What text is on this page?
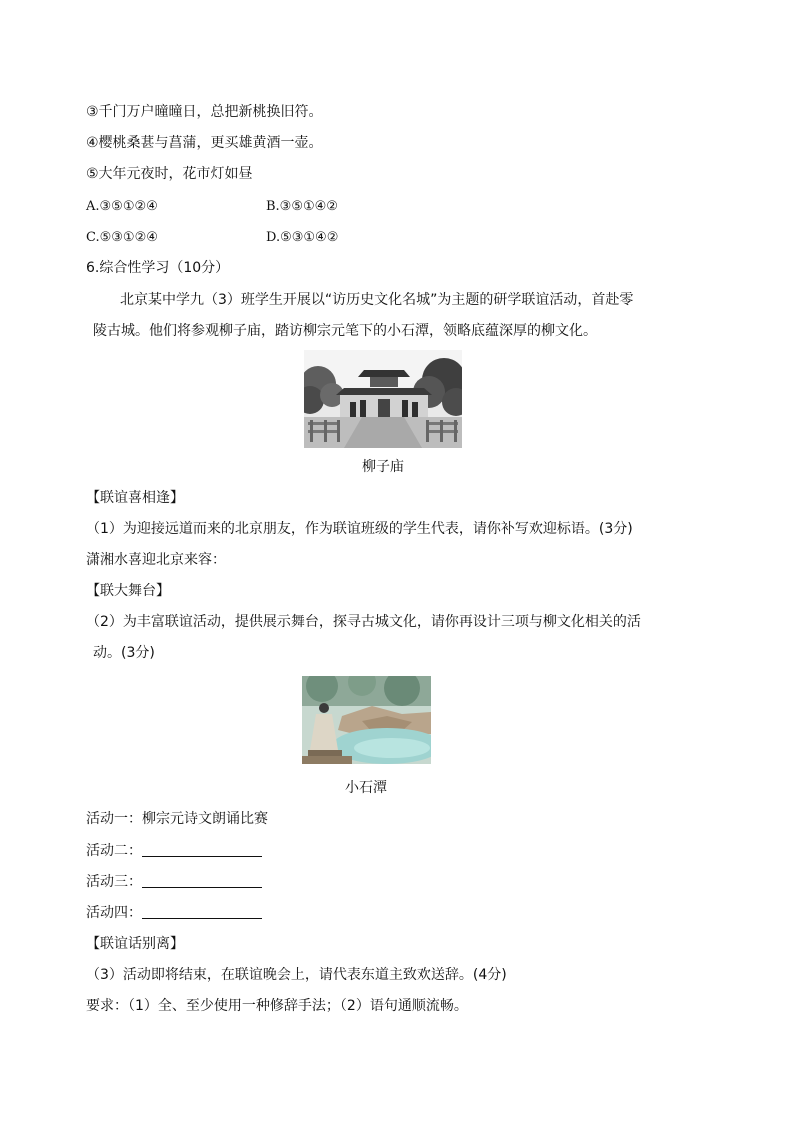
③千门万户曈曈日，总把新桃换旧符。
④樱桃桑葚与菖蒲，更买雄黄酒一壶。
⑤大年元夜时，花市灯如昼
A.③⑤①②④	B.③⑤①④②
C.⑤③①②④	D.⑤③①④②
6.综合性学习（10分）
北京某中学九（3）班学生开展以“访历史文化名城”为主题的研学联谊活动，首赴零
陵古城。他们将参观柳子庙，踏访柳宗元笔下的小石潭，领略底蕴深厚的柳文化。
柳子庙
【联谊喜相逢】
（1）为迎接远道而来的北京朋友，作为联谊班级的学生代表，请你补写欢迎标语。(3分)
潇湘水喜迎北京来容：
【联大舞台】
（2）为丰富联谊活动，提供展示舞台，探寻古城文化，请你再设计三项与柳文化相关的活
动。(3分)
小石潭
活动一：柳宗元诗文朗诵比赛
活动二：
活动三：
活动四：
【联谊话别离】
（3）活动即将结束，在联谊晚会上，请代表东道主致欢送辞。(4分)
要求：（1）全、至少使用一种修辞手法；（2）语句通顺流畅。
